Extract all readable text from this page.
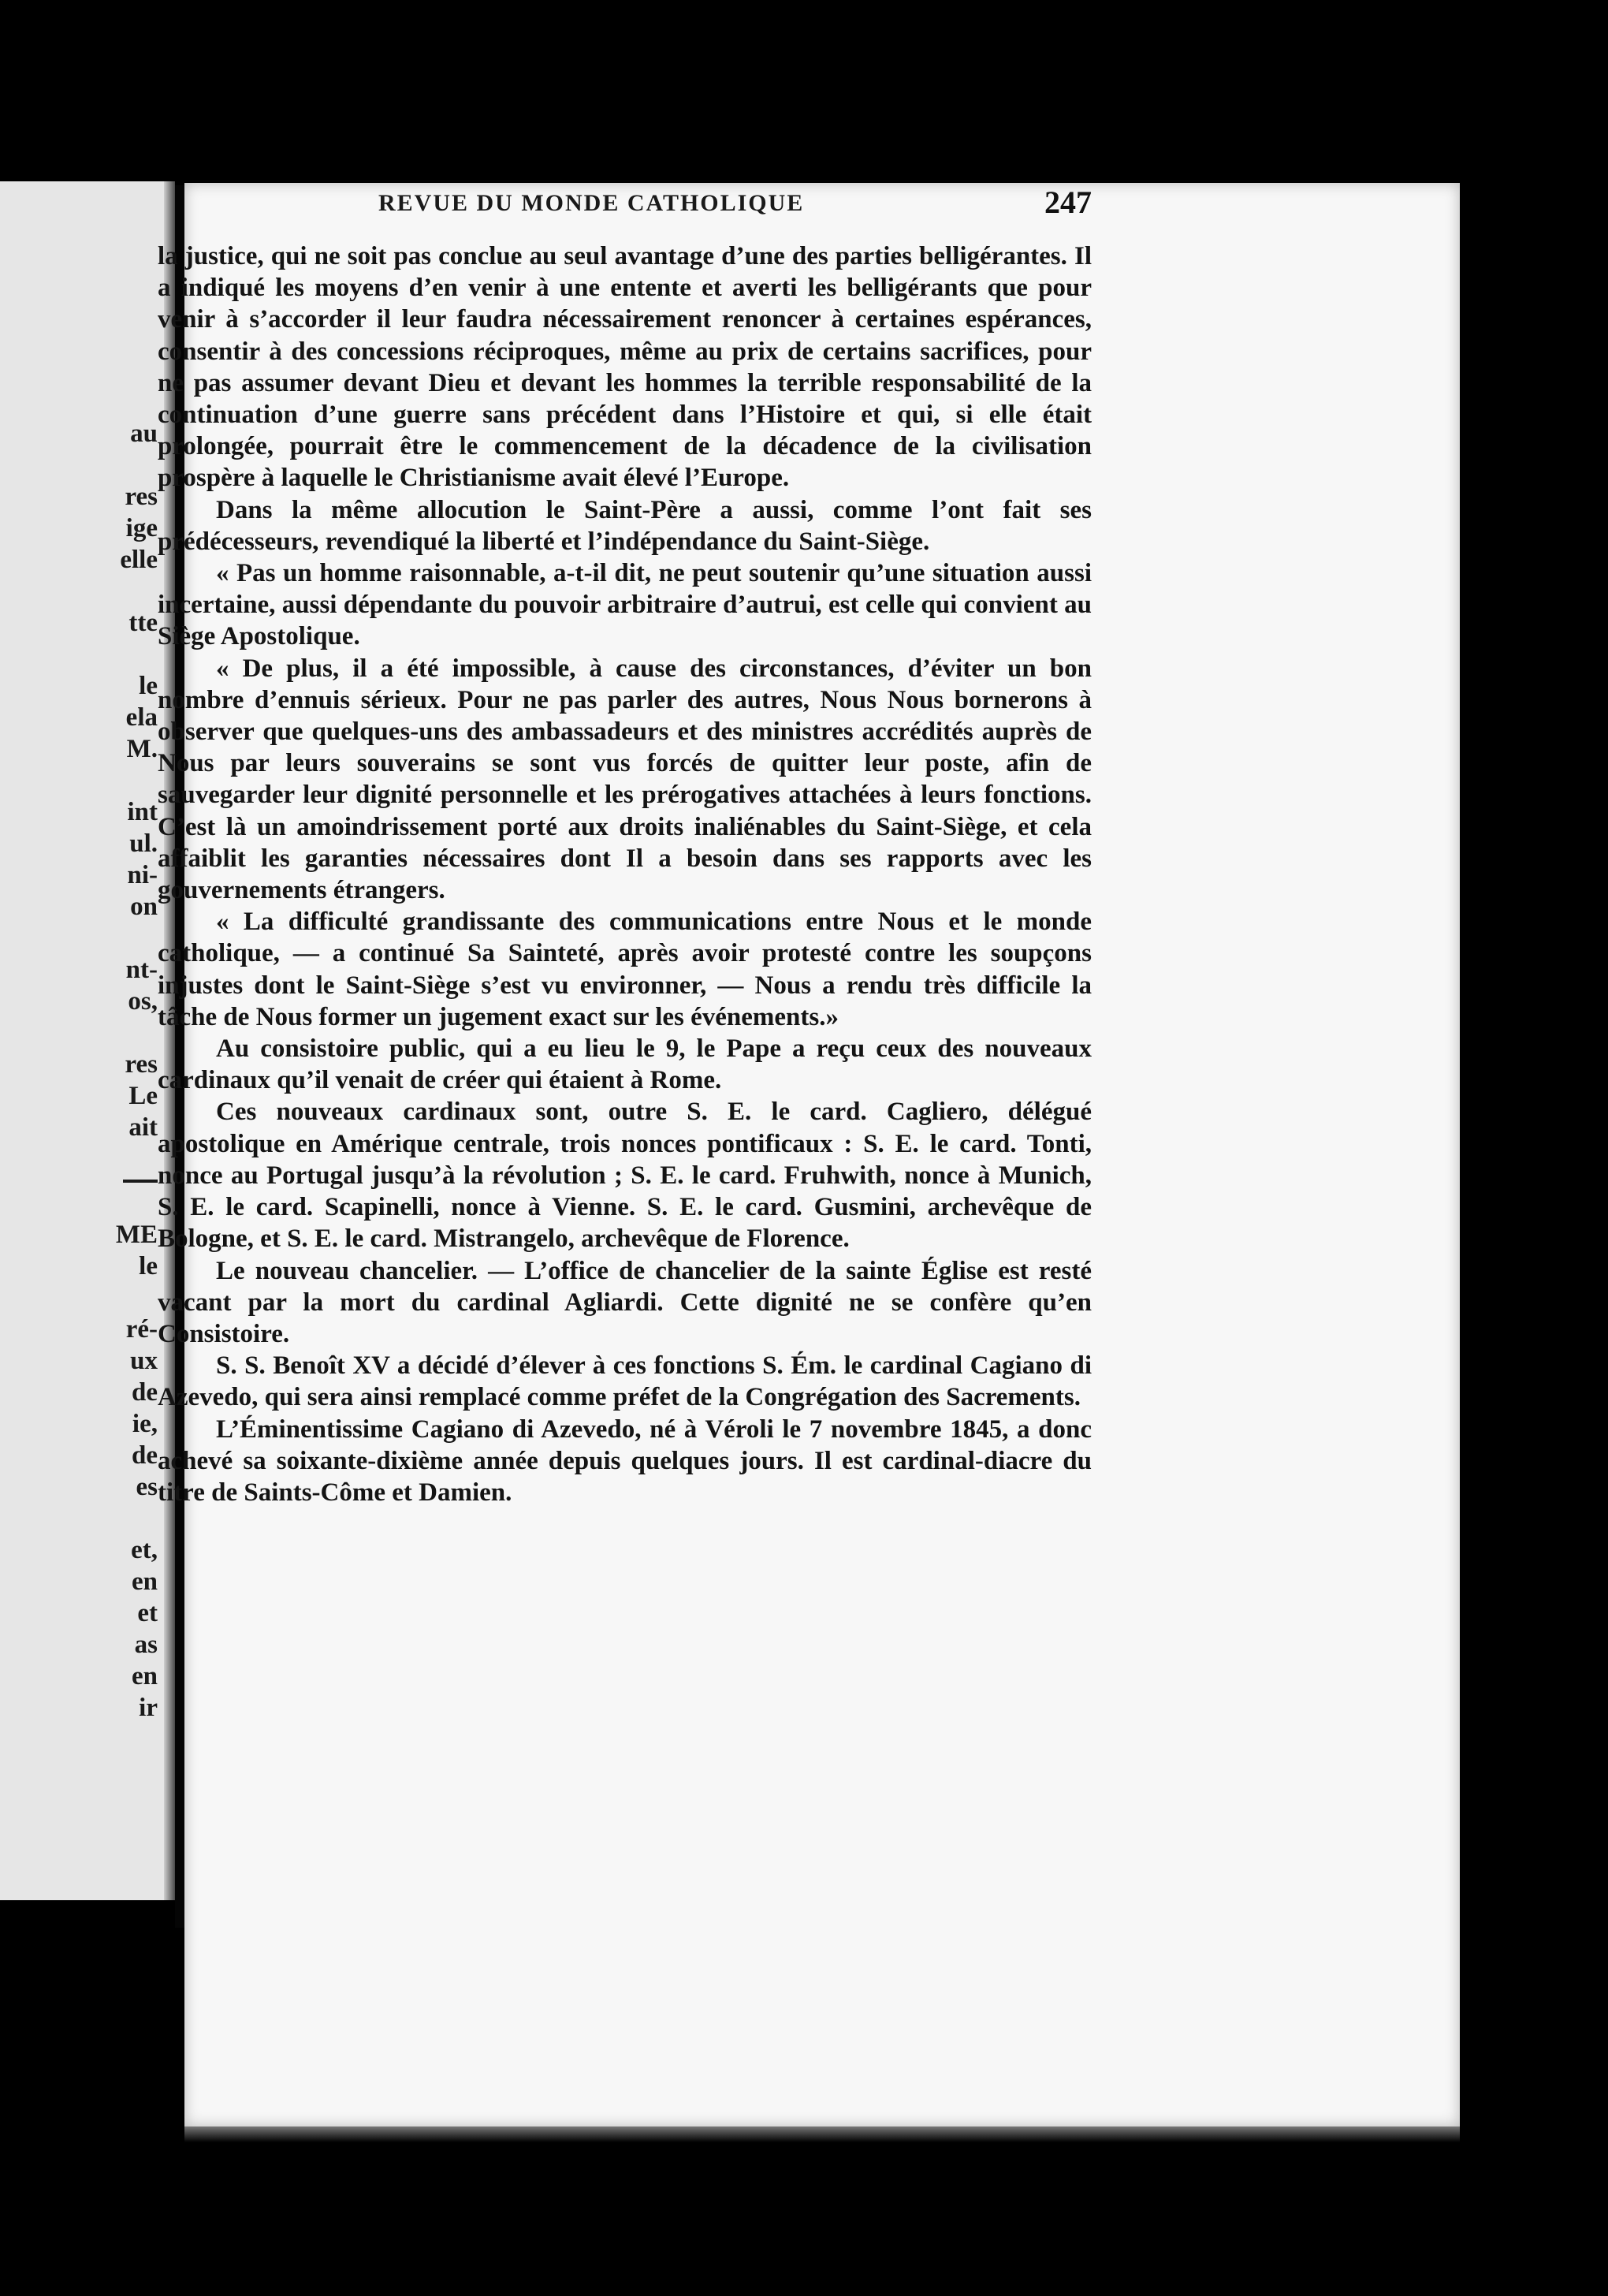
au
res
ige
elle
tte
le
ela
M.
int
ul.
ni-
on
nt-
os,
res
Le
ait
ME
le
ré-
ux
de
ie,
de
es
et,
en
et
as
en
ir
REVUE DU MONDE CATHOLIQUE	247

la justice, qui ne soit pas conclue au seul avantage d’une des parties belligérantes. Il a indiqué les moyens d’en venir à une entente et averti les belligérants que pour venir à s’accorder il leur faudra nécessairement renoncer à certaines espérances, consentir à des concessions réciproques, même au prix de certains sacrifices, pour ne pas assumer devant Dieu et devant les hommes la terrible responsabilité de la continuation d’une guerre sans précédent dans l’Histoire et qui, si elle était prolongée, pourrait être le commencement de la décadence de la civilisation prospère à laquelle le Christianisme avait élevé l’Europe.

Dans la même allocution le Saint-Père a aussi, comme l’ont fait ses prédécesseurs, revendiqué la liberté et l’indépendance du Saint-Siège.

« Pas un homme raisonnable, a-t-il dit, ne peut soutenir qu’une situation aussi incertaine, aussi dépendante du pouvoir arbitraire d’autrui, est celle qui convient au Siège Apostolique.

« De plus, il a été impossible, à cause des circonstances, d’éviter un bon nombre d’ennuis sérieux. Pour ne pas parler des autres, Nous Nous bornerons à observer que quelques-uns des ambassadeurs et des ministres accrédités auprès de Nous par leurs souverains se sont vus forcés de quitter leur poste, afin de sauvegarder leur dignité personnelle et les prérogatives attachées à leurs fonctions. C’est là un amoindrissement porté aux droits inaliénables du Saint-Siège, et cela affaiblit les garanties nécessaires dont Il a besoin dans ses rapports avec les gouvernements étrangers.

« La difficulté grandissante des communications entre Nous et le monde catholique, — a continué Sa Sainteté, après avoir protesté contre les soupçons injustes dont le Saint-Siège s’est vu environner, — Nous a rendu très difficile la tâche de Nous former un jugement exact sur les événements.»

Au consistoire public, qui a eu lieu le 9, le Pape a reçu ceux des nouveaux cardinaux qu’il venait de créer qui étaient à Rome.

Ces nouveaux cardinaux sont, outre S. E. le card. Cagliero, délégué apostolique en Amérique centrale, trois nonces pontificaux : S. E. le card. Tonti, nonce au Portugal jusqu’à la révolution ; S. E. le card. Fruhwith, nonce à Munich, S. E. le card. Scapinelli, nonce à Vienne. S. E. le card. Gusmini, archevêque de Bologne, et S. E. le card. Mistrangelo, archevêque de Florence.

Le nouveau chancelier. — L’office de chancelier de la sainte Église est resté vacant par la mort du cardinal Agliardi. Cette dignité ne se confère qu’en Consistoire.

S. S. Benoît XV a décidé d’élever à ces fonctions S. Ém. le cardinal Cagiano di Azevedo, qui sera ainsi remplacé comme préfet de la Congrégation des Sacrements.

L’Éminentissime Cagiano di Azevedo, né à Véroli le 7 novembre 1845, a donc achevé sa soixante-dixième année depuis quelques jours. Il est cardinal-diacre du titre de Saints-Côme et Damien.
